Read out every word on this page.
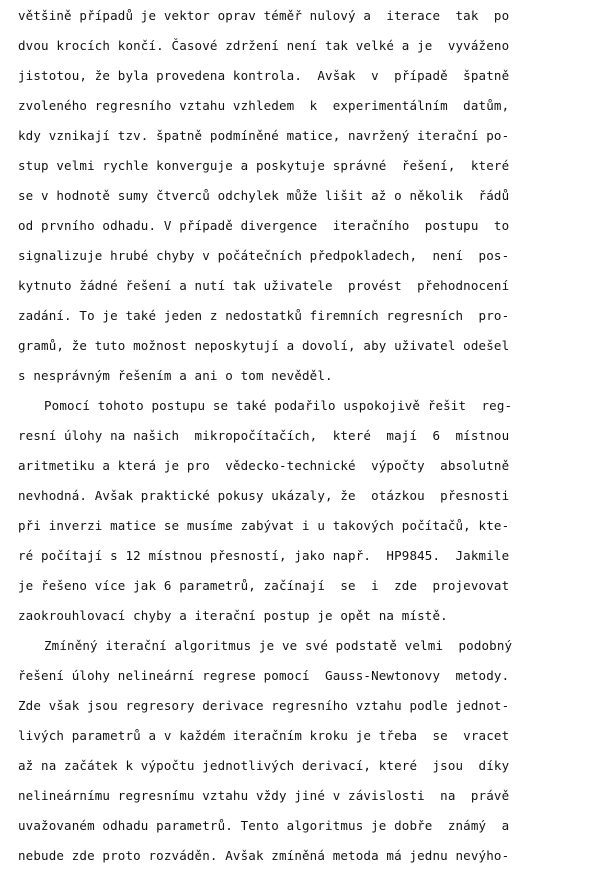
většině případů je vektor oprav téměř nulový a  iterace  tak  po
dvou krocích končí. Časové zdržení není tak velké a je  vyváženo
jistotou, že byla provedena kontrola.  Avšak  v  případě  špatně
zvoleného regresního vztahu vzhledem  k  experimentálním  datům,
kdy vznikají tzv. špatně podmíněné matice, navržený iterační po-
stup velmi rychle konverguje a poskytuje správné  řešení,  které
se v hodnotě sumy čtverců odchylek může lišit až o několik  řádů
od prvního odhadu. V případě divergence  iteračního  postupu  to
signalizuje hrubé chyby v počátečních předpokladech,  není  pos-
kytnuto žádné řešení a nutí tak uživatele  provést  přehodnocení
zadání. To je také jeden z nedostatků firemních regresních  pro-
gramů, že tuto možnost neposkytují a dovolí, aby uživatel odešel
s nesprávným řešením a ani o tom nevěděl.
Pomocí tohoto postupu se také podařilo uspokojivě řešit  reg-
resní úlohy na našich  mikropočítačích,  které  mají  6  místnou
aritmetiku a která je pro  vědecko-technické  výpočty  absolutně
nevhodná. Avšak praktické pokusy ukázaly, že  otázkou  přesnosti
při inverzi matice se musíme zabývat i u takových počítačů, kte-
ré počítají s 12 místnou přesností, jako např.  HP9845.  Jakmile
je řešeno více jak 6 parametrů, začínají  se  i  zde  projevovat
zaokrouhlovací chyby a iterační postup je opět na místě.
Zmíněný iterační algoritmus je ve své podstatě velmi  podobný
řešení úlohy nelineární regrese pomocí  Gauss-Newtonovy  metody.
Zde však jsou regresory derivace regresního vztahu podle jednot-
livých parametrů a v každém iteračním kroku je třeba  se  vracet
až na začátek k výpočtu jednotlivých derivací, které  jsou  díky
nelineárnímu regresnímu vztahu vždy jiné v závislosti  na  právě
uvažovaném odhadu parametrů. Tento algoritmus je dobře  známý  a
nebude zde proto rozváděn. Avšak zmíněná metoda má jednu nevýho-
